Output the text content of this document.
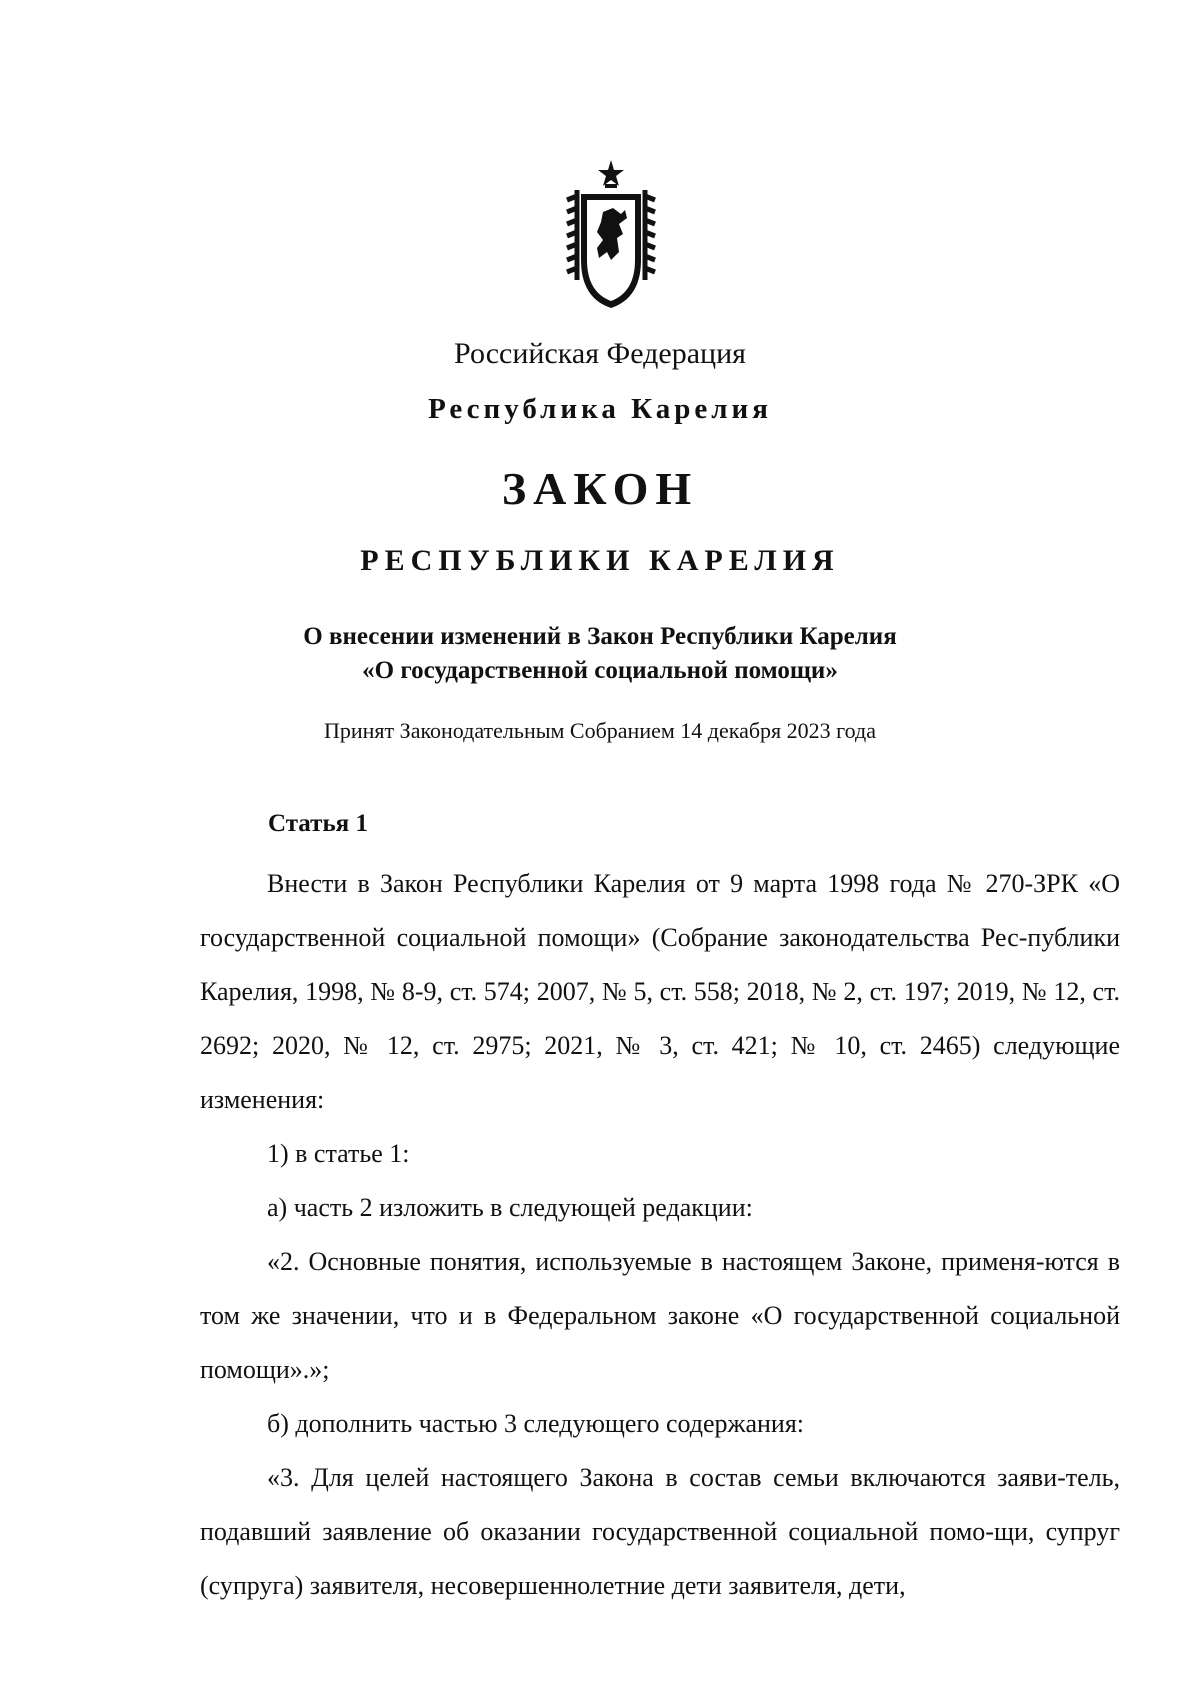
Российская Федерация
Республика Карелия
ЗАКОН
РЕСПУБЛИКИ КАРЕЛИЯ
О внесении изменений в Закон Республики Карелия
«О государственной социальной помощи»
Принят Законодательным Собранием 14 декабря 2023 года
Статья 1

Внести в Закон Республики Карелия от 9 марта 1998 года № 270-ЗРК «О государственной социальной помощи» (Собрание законодательства Рес-публики Карелия, 1998, № 8-9, ст. 574; 2007, № 5, ст. 558; 2018, № 2, ст. 197; 2019, № 12, ст. 2692; 2020, № 12, ст. 2975; 2021, № 3, ст. 421; № 10, ст. 2465) следующие изменения:

1) в статье 1:

а) часть 2 изложить в следующей редакции:

«2. Основные понятия, используемые в настоящем Законе, применя-ются в том же значении, что и в Федеральном законе «О государственной социальной помощи».»;

б) дополнить частью 3 следующего содержания:

«3. Для целей настоящего Закона в состав семьи включаются заяви-тель, подавший заявление об оказании государственной социальной помо-щи, супруг (супруга) заявителя, несовершеннолетние дети заявителя, дети,
